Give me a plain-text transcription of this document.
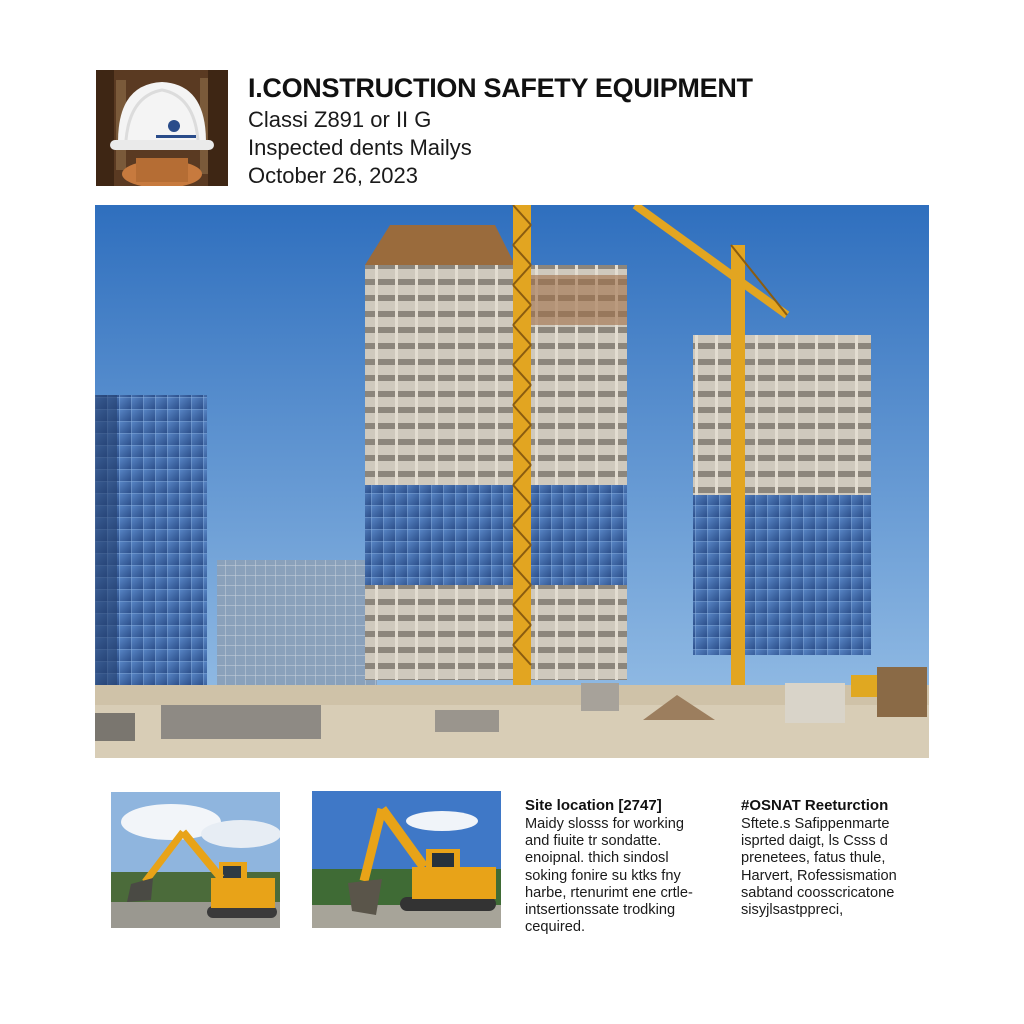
I.CONSTRUCTION SAFETY EQUIPMENT
Classi Z891 or II G
Inspected dents Mailys
October 26, 2023
Site location [2747]
Maidy slosss for working
and fiuite tr sondatte.
enoipnal. thich sindosl
soking fonire su ktks fny
harbe, rtenurimt ene crtle-
intsertionssate trodking
cequired.
#OSNAT Reeturction
Sftete.s Safippenmarte
isprted daigt, ls Csss d
prenetees, fatus thule,
Harvert, Rofessismation
sabtand coosscricatone
sisyjlsastppreci,
